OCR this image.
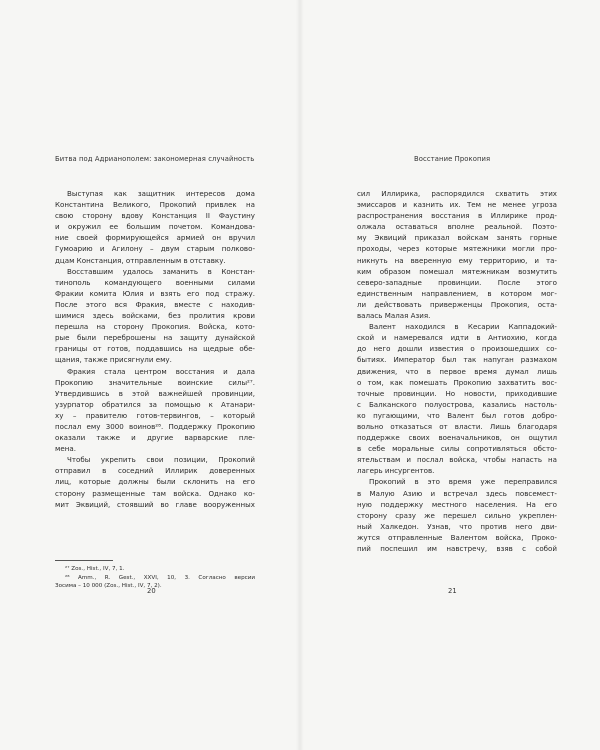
Битва под Адрианополем: закономерная случайность
Выступая как защитник интересов дома
Константина Великого, Прокопий привлек на
свою сторону вдову Констанция II Фаустину
и окружил ее большим почетом. Командова-
ние своей формирующейся армией он вручил
Гумоарию и Агилону – двум старым полково-
дцам Констанция, отправленным в отставку.
Восставшим удалось заманить в Констан-
тинополь командующего военными силами
Фракии комита Юлия и взять его под стражу.
После этого вся Фракия, вместе с находив-
шимися здесь войсками, без пролития крови
перешла на сторону Прокопия. Войска, кото-
рые были переброшены на защиту дунайской
границы от готов, поддавшись на щедрые обе-
щания, также присягнули ему.
Фракия стала центром восстания и дала
Прокопию значительные воинские силы²⁷.
Утвердившись в этой важнейшей провинции,
узурпатор обратился за помощью к Атанари-
ху – правителю готов-тервингов, – который
послал ему 3000 воинов²⁸. Поддержку Прокопию
оказали также и другие варварские пле-
мена.
Чтобы укрепить свои позиции, Прокопий
отправил в соседний Иллирик доверенных
лиц, которые должны были склонить на его
сторону размещенные там войска. Однако ко-
мит Эквиций, стоявший во главе вооруженных
²⁷ Zos., Hist., IV, 7, 1.
²⁸ Amm., R. Gest., XXVI, 10, 3. Согласно версии
Зосима – 10 000 (Zos., Hist., IV, 7, 2).
20
Восстание Прокопия
сил Иллирика, распорядился схватить этих
эмиссаров и казнить их. Тем не менее угроза
распространения восстания в Иллирике прод-
олжала оставаться вполне реальной. Поэто-
му Эквиций приказал войскам занять горные
проходы, через которые мятежники могли про-
никнуть на вверенную ему территорию, и та-
ким образом помешал мятежникам возмутить
северо-западные провинции. После этого
единственным направлением, в котором мог-
ли действовать приверженцы Прокопия, оста-
валась Малая Азия.
Валент находился в Кесарии Каппадокий-
ской и намеревался идти в Антиохию, когда
до него дошли известия о произошедших со-
бытиях. Император был так напуган размахом
движения, что в первое время думал лишь
о том, как помешать Прокопию захватить вос-
точные провинции. Но новости, приходившие
с Балканского полуострова, казались настоль-
ко пугающими, что Валент был готов добро-
вольно отказаться от власти. Лишь благодаря
поддержке своих военачальников, он ощутил
в себе моральные силы сопротивляться обсто-
ятельствам и послал войска, чтобы напасть на
лагерь инсургентов.
Прокопий в это время уже переправился
в Малую Азию и встречал здесь повсемест-
ную поддержку местного населения. На его
сторону сразу же перешел сильно укреплен-
ный Халкедон. Узнав, что против него дви-
жутся отправленные Валентом войска, Проко-
пий поспешил им навстречу, взяв с собой
21
